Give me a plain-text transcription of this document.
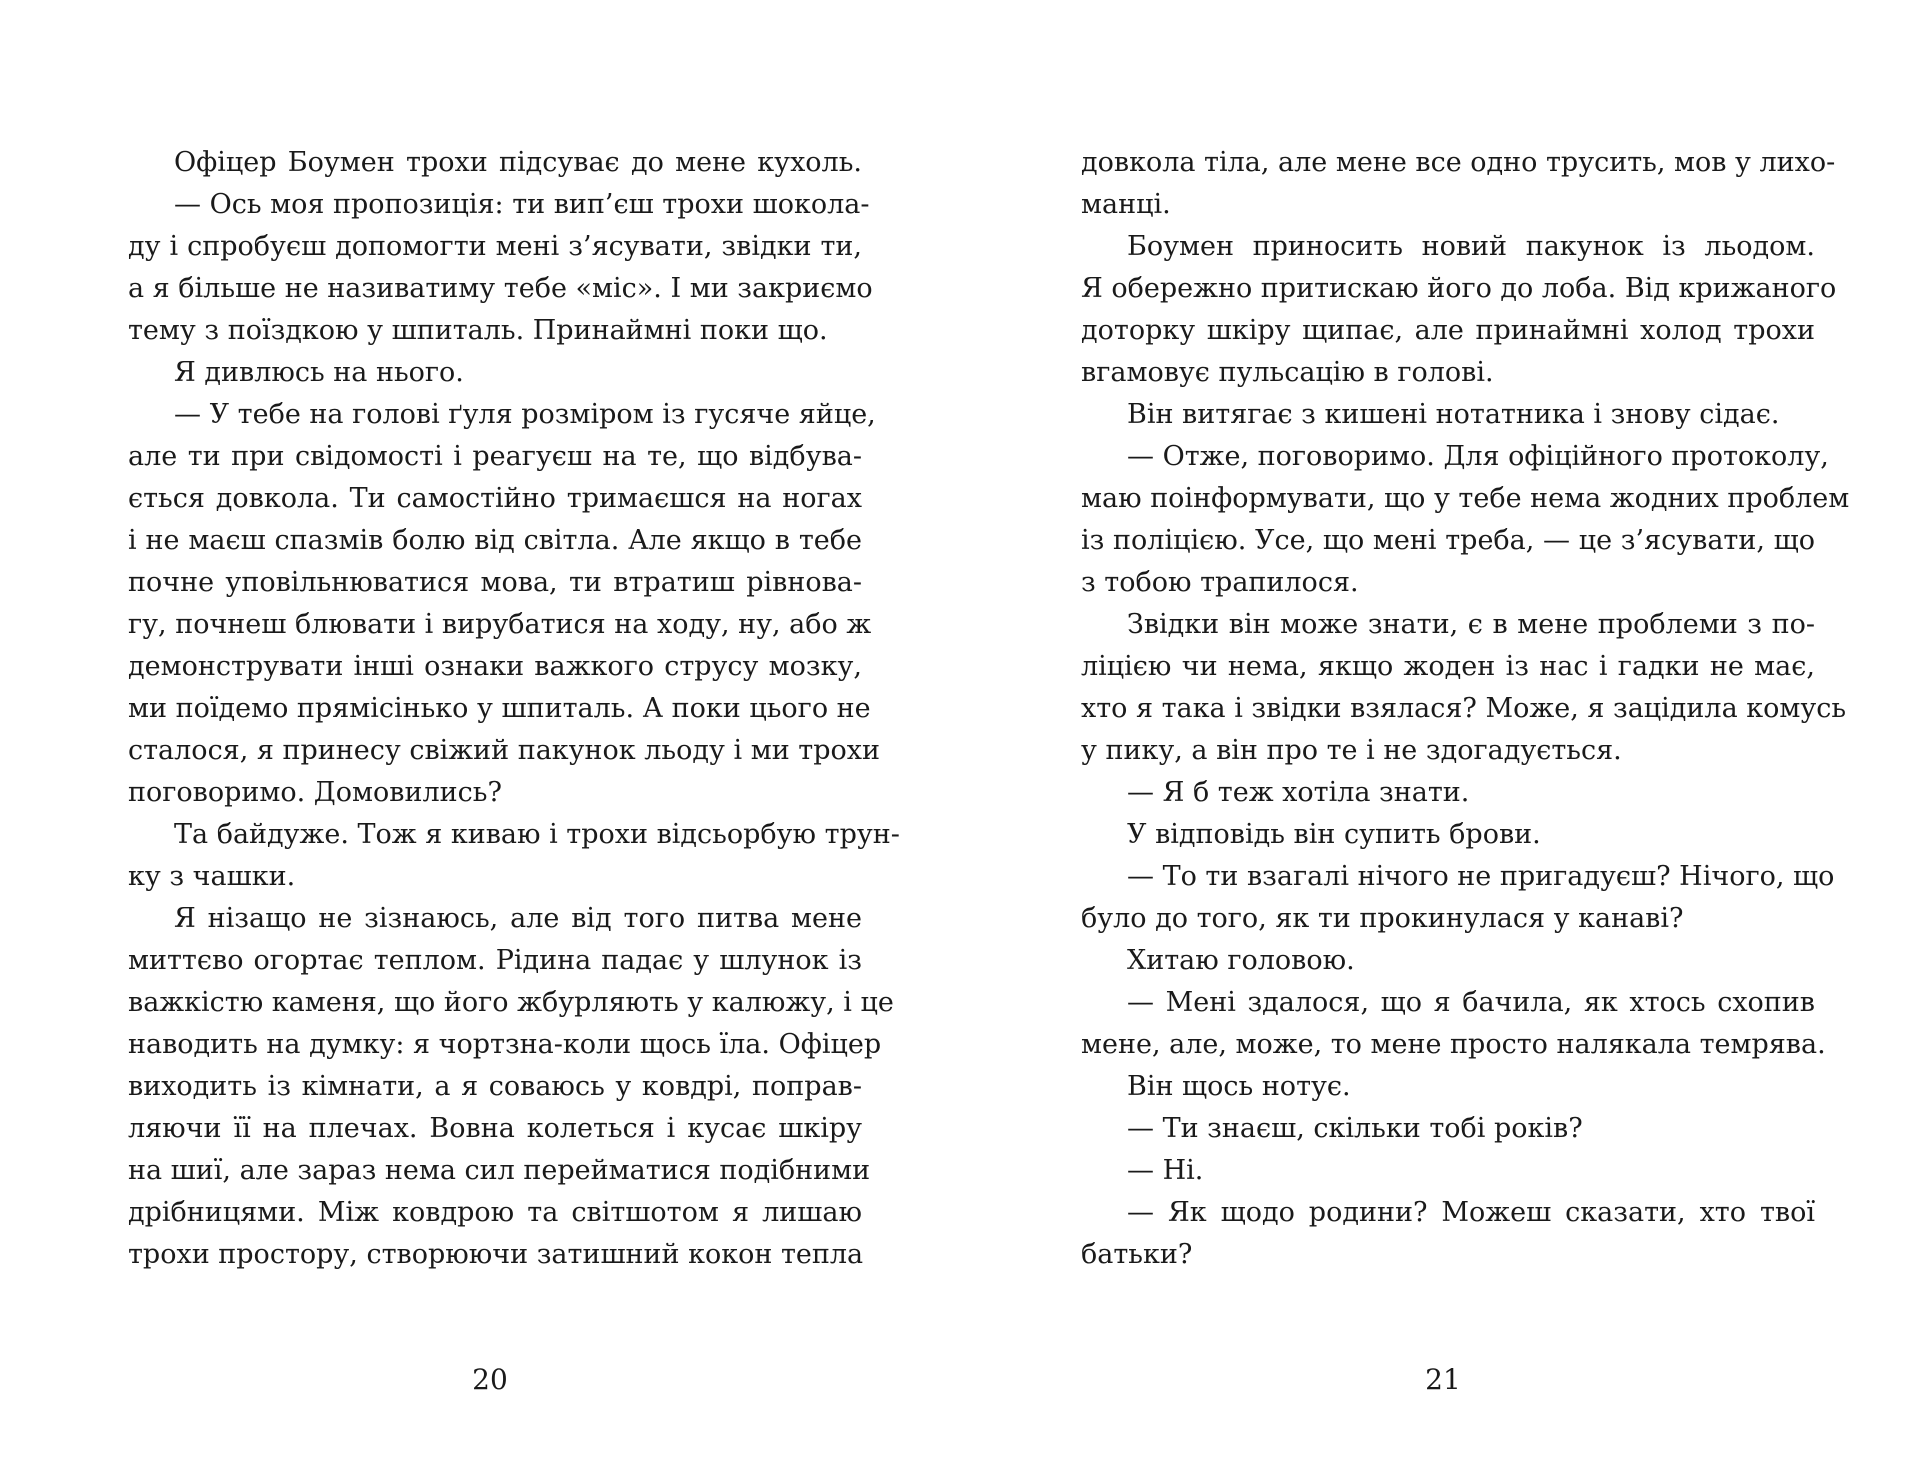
Офіцер Боумен трохи підсуває до мене кухоль.
— Ось моя пропозиція: ти вип’єш трохи шокола-
ду і спробуєш допомогти мені з’ясувати, звідки ти,
а я більше не називатиму тебе «міс». І ми закриємо
тему з поїздкою у шпиталь. Принаймні поки що.
Я дивлюсь на нього.
— У тебе на голові ґуля розміром із гусяче яйце,
але ти при свідомості і реагуєш на те, що відбува-
ється довкола. Ти самостійно тримаєшся на ногах
і не маєш спазмів болю від світла. Але якщо в тебе
почне уповільнюватися мова, ти втратиш рівнова-
гу, почнеш блювати і вирубатися на ходу, ну, або ж
демонструвати інші ознаки важкого струсу мозку,
ми поїдемо прямісінько у шпиталь. А поки цього не
сталося, я принесу свіжий пакунок льоду і ми трохи
поговоримо. Домовились?
Та байдуже. Тож я киваю і трохи відсьорбую трун-
ку з чашки.
Я нізащо не зізнаюсь, але від того питва мене
миттєво огортає теплом. Рідина падає у шлунок із
важкістю каменя, що його жбурляють у калюжу, і це
наводить на думку: я чортзна-коли щось їла. Офіцер
виходить із кімнати, а я соваюсь у ковдрі, поправ-
ляючи її на плечах. Вовна колеться і кусає шкіру
на шиї, але зараз нема сил перейматися подібними
дрібницями. Між ковдрою та світшотом я лишаю
трохи простору, створюючи затишний кокон тепла
20
довкола тіла, але мене все одно трусить, мов у лихо-
манці.
Боумен приносить новий пакунок із льодом.
Я обережно притискаю його до лоба. Від крижаного
доторку шкіру щипає, але принаймні холод трохи
вгамовує пульсацію в голові.
Він витягає з кишені нотатника і знову сідає.
— Отже, поговоримо. Для офіційного протоколу,
маю поінформувати, що у тебе нема жодних проблем
із поліцією. Усе, що мені треба, — це з’ясувати, що
з тобою трапилося.
Звідки він може знати, є в мене проблеми з по-
ліцією чи нема, якщо жоден із нас і гадки не має,
хто я така і звідки взялася? Може, я зацідила комусь
у пику, а він про те і не здогадується.
— Я б теж хотіла знати.
У відповідь він супить брови.
— То ти взагалі нічого не пригадуєш? Нічого, що
було до того, як ти прокинулася у канаві?
Хитаю головою.
— Мені здалося, що я бачила, як хтось схопив
мене, але, може, то мене просто налякала темрява.
Він щось нотує.
— Ти знаєш, скільки тобі років?
— Ні.
— Як щодо родини? Можеш сказати, хто твої
батьки?
21
